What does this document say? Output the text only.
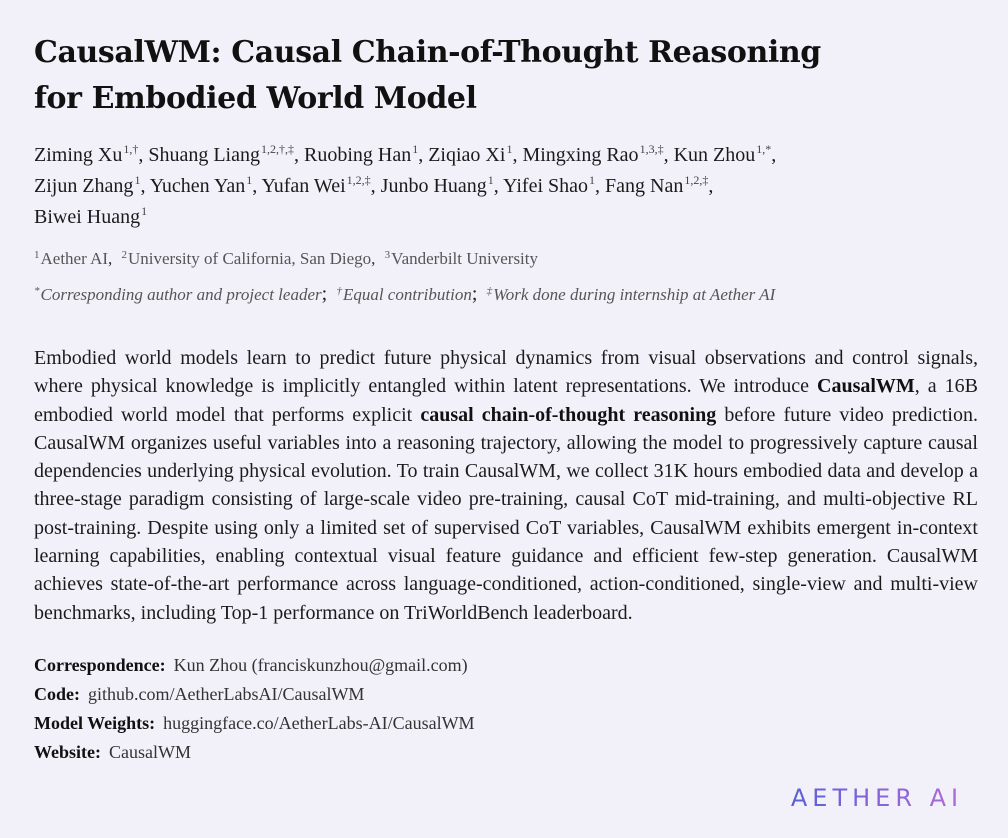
CausalWM: Causal Chain-of-Thought Reasoning
for Embodied World Model
Ziming $Xu^{1,\dagger}$, Shuang Liang$^{1,2,\dagger,\ddagger}$, Ruobing Han$^1$, Ziqiao Xi$^1$, Mingxing Rao$^{1,3,\ddagger}$, Kun Zhou$^{1,*}$,
Zijun Zhang$^1$, Yuchen Yan$^1$, Yufan Wei$^{1,2,\ddagger}$, Junbo Huang$^1$, Yifei Shao$^1$, Fang Nan$^{1,2,\ddagger}$,
Biwei Huang$^1$
$^1$Aether AI, $^2$University of California, San Diego, $^3$Vanderbilt University
*Corresponding author and project leader; †Equal contribution; ‡Work done during internship at Aether AI
Embodied world models learn to predict future physical dynamics from visual observations and control signals, where physical knowledge is implicitly entangled within latent representations. We introduce CausalWM, a 16B embodied world model that performs explicit causal chain-of-thought reasoning before future video prediction. CausalWM organizes useful variables into a reasoning trajectory, allowing the model to progressively capture causal dependencies underlying physical evolution. To train CausalWM, we collect 31K hours embodied data and develop a three-stage paradigm consisting of large-scale video pre-training, causal CoT mid-training, and multi-objective RL post-training. Despite using only a limited set of supervised CoT variables, CausalWM exhibits emergent in-context learning capabilities, enabling contextual visual feature guidance and efficient few-step generation. CausalWM achieves state-of-the-art performance across language-conditioned, action-conditioned, single-view and multi-view benchmarks, including Top-1 performance on TriWorldBench leaderboard.
Correspondence: Kun Zhou (franciskunzhou@gmail.com)
Code: github.com/AetherLabsAI/CausalWM
Model Weights: huggingface.co/AetherLabs-AI/CausalWM
Website: CausalWM
AETHER AI
